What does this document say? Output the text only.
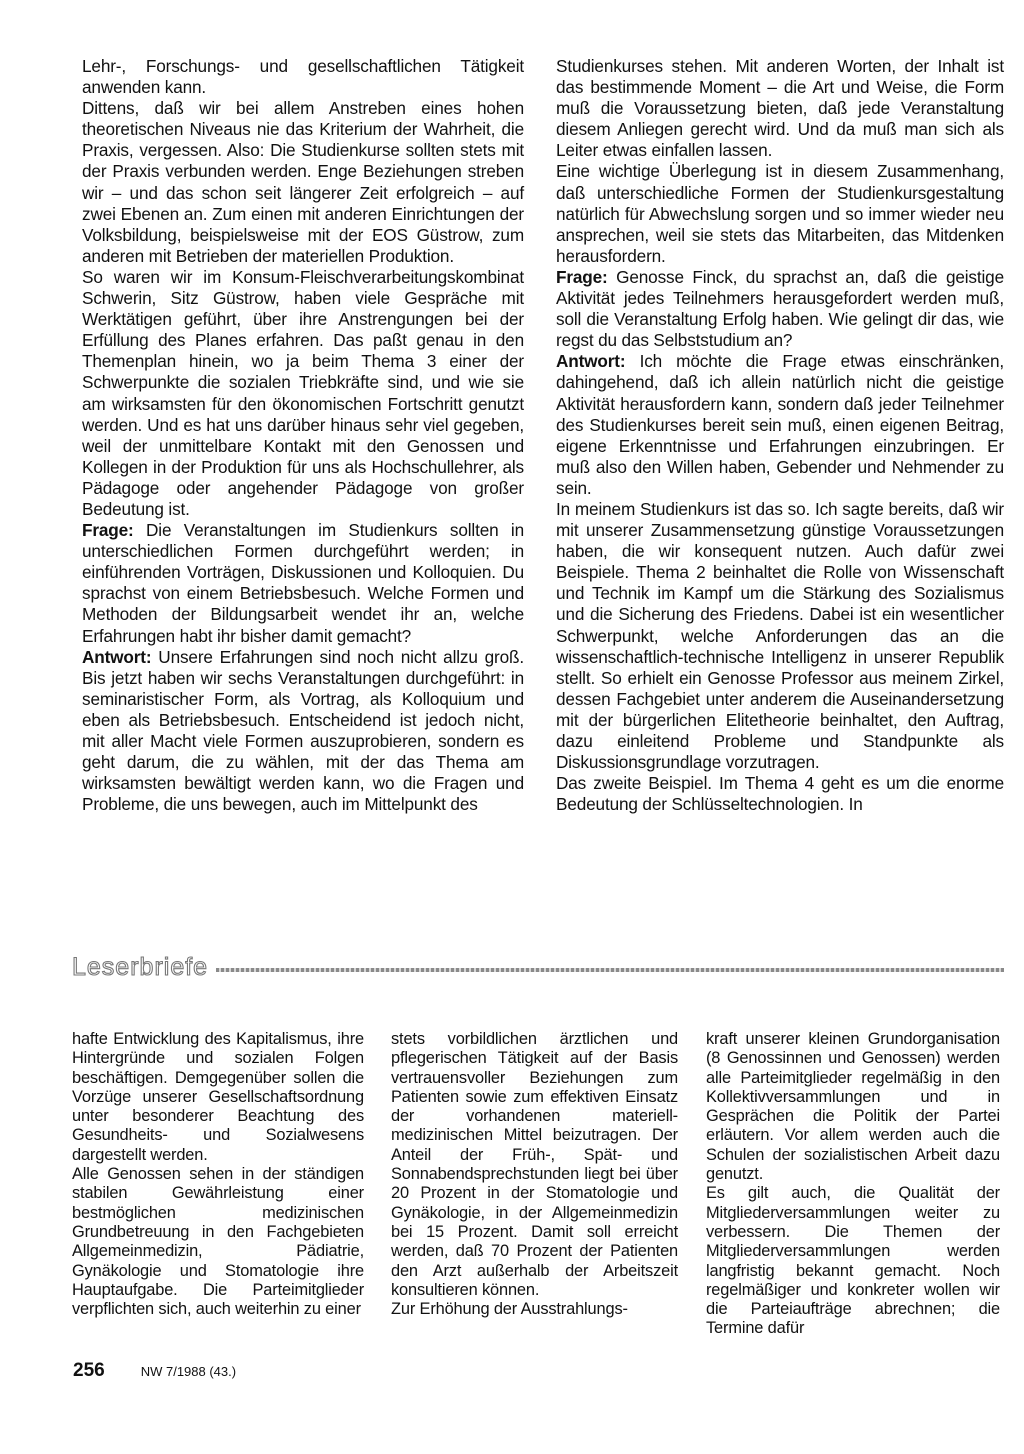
Lehr-, Forschungs- und gesellschaftlichen Tätigkeit anwenden kann.

Dittens, daß wir bei allem Anstreben eines hohen theoretischen Niveaus nie das Kriterium der Wahrheit, die Praxis, vergessen. Also: Die Studienkurse sollten stets mit der Praxis verbunden werden. Enge Beziehungen streben wir – und das schon seit längerer Zeit erfolgreich – auf zwei Ebenen an. Zum einen mit anderen Einrichtungen der Volksbildung, beispielsweise mit der EOS Güstrow, zum anderen mit Betrieben der materiellen Produktion.

So waren wir im Konsum-Fleischverarbeitungskombinat Schwerin, Sitz Güstrow, haben viele Gespräche mit Werktätigen geführt, über ihre Anstrengungen bei der Erfüllung des Planes erfahren. Das paßt genau in den Themenplan hinein, wo ja beim Thema 3 einer der Schwerpunkte die sozialen Triebkräfte sind, und wie sie am wirksamsten für den ökonomischen Fortschritt genutzt werden. Und es hat uns darüber hinaus sehr viel gegeben, weil der unmittelbare Kontakt mit den Genossen und Kollegen in der Produktion für uns als Hochschullehrer, als Pädagoge oder angehender Pädagoge von großer Bedeutung ist.

Frage: Die Veranstaltungen im Studienkurs sollten in unterschiedlichen Formen durchgeführt werden; in einführenden Vorträgen, Diskussionen und Kolloquien. Du sprachst von einem Betriebsbesuch. Welche Formen und Methoden der Bildungsarbeit wendet ihr an, welche Erfahrungen habt ihr bisher damit gemacht?

Antwort: Unsere Erfahrungen sind noch nicht allzu groß. Bis jetzt haben wir sechs Veranstaltungen durchgeführt: in seminaristischer Form, als Vortrag, als Kolloquium und eben als Betriebsbesuch. Entscheidend ist jedoch nicht, mit aller Macht viele Formen auszuprobieren, sondern es geht darum, die zu wählen, mit der das Thema am wirksamsten bewältigt werden kann, wo die Fragen und Probleme, die uns bewegen, auch im Mittelpunkt des

Studienkurses stehen. Mit anderen Worten, der Inhalt ist das bestimmende Moment – die Art und Weise, die Form muß die Voraussetzung bieten, daß jede Veranstaltung diesem Anliegen gerecht wird. Und da muß man sich als Leiter etwas einfallen lassen.

Eine wichtige Überlegung ist in diesem Zusammenhang, daß unterschiedliche Formen der Studienkursgestaltung natürlich für Abwechslung sorgen und so immer wieder neu ansprechen, weil sie stets das Mitarbeiten, das Mitdenken herausfordern.

Frage: Genosse Finck, du sprachst an, daß die geistige Aktivität jedes Teilnehmers herausgefordert werden muß, soll die Veranstaltung Erfolg haben. Wie gelingt dir das, wie regst du das Selbststudium an?

Antwort: Ich möchte die Frage etwas einschränken, dahingehend, daß ich allein natürlich nicht die geistige Aktivität herausfordern kann, sondern daß jeder Teilnehmer des Studienkurses bereit sein muß, einen eigenen Beitrag, eigene Erkenntnisse und Erfahrungen einzubringen. Er muß also den Willen haben, Gebender und Nehmender zu sein.

In meinem Studienkurs ist das so. Ich sagte bereits, daß wir mit unserer Zusammensetzung günstige Voraussetzungen haben, die wir konsequent nutzen. Auch dafür zwei Beispiele. Thema 2 beinhaltet die Rolle von Wissenschaft und Technik im Kampf um die Stärkung des Sozialismus und die Sicherung des Friedens. Dabei ist ein wesentlicher Schwerpunkt, welche Anforderungen das an die wissenschaftlich-technische Intelligenz in unserer Republik stellt. So erhielt ein Genosse Professor aus meinem Zirkel, dessen Fachgebiet unter anderem die Auseinandersetzung mit der bürgerlichen Elitetheorie beinhaltet, den Auftrag, dazu einleitend Probleme und Standpunkte als Diskussionsgrundlage vorzutragen.

Das zweite Beispiel. Im Thema 4 geht es um die enorme Bedeutung der Schlüsseltechnologien. In

Leserbriefe

hafte Entwicklung des Kapitalismus, ihre Hintergründe und sozialen Folgen beschäftigen. Demgegenüber sollen die Vorzüge unserer Gesellschaftsordnung unter besonderer Beachtung des Gesundheits- und Sozialwesens dargestellt werden.

Alle Genossen sehen in der ständigen stabilen Gewährleistung einer bestmöglichen medizinischen Grundbetreuung in den Fachgebieten Allgemeinmedizin, Pädiatrie, Gynäkologie und Stomatologie ihre Hauptaufgabe. Die Parteimitglieder verpflichten sich, auch weiterhin zu einer

stets vorbildlichen ärztlichen und pflegerischen Tätigkeit auf der Basis vertrauensvoller Beziehungen zum Patienten sowie zum effektiven Einsatz der vorhandenen materiell-medizinischen Mittel beizutragen. Der Anteil der Früh-, Spät- und Sonnabendsprechstunden liegt bei über 20 Prozent in der Stomatologie und Gynäkologie, in der Allgemeinmedizin bei 15 Prozent. Damit soll erreicht werden, daß 70 Prozent der Patienten den Arzt außerhalb der Arbeitszeit konsultieren können.

Zur Erhöhung der Ausstrahlungs-

kraft unserer kleinen Grundorganisation (8 Genossinnen und Genossen) werden alle Parteimitglieder regelmäßig in den Kollektivversammlungen und in Gesprächen die Politik der Partei erläutern. Vor allem werden auch die Schulen der sozialistischen Arbeit dazu genutzt.

Es gilt auch, die Qualität der Mitgliederversammlungen weiter zu verbessern. Die Themen der Mitgliederversammlungen werden langfristig bekannt gemacht. Noch regelmäßiger und konkreter wollen wir die Parteiaufträge abrechnen; die Termine dafür

256	NW 7/1988 (43.)
